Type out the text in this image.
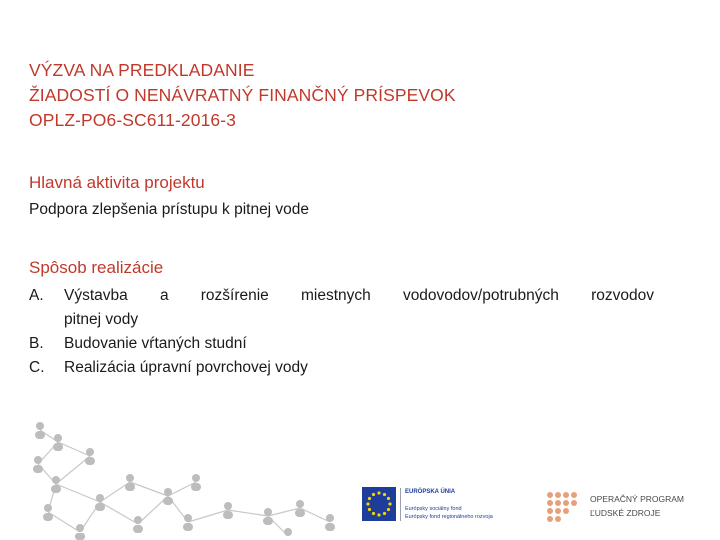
VÝZVA NA PREDKLADANIE
ŽIADOSTÍ O NENÁVRATNÝ FINANČNÝ PRÍSPEVOK
OPLZ-PO6-SC611-2016-3
Hlavná aktivita projektu
Podpora zlepšenia prístupu k pitnej vode
Spôsob realizácie
A. Výstavba a rozšírenie miestnych vodovodov/potrubných rozvodov
pitnej vody
B. Budovanie vŕtaných studní
C. Realizácia úpravní povrchovej vody
EURÓPSKA ÚNIA
Európsky sociálny fond
Európsky fond regionálneho rozvoja
OPERAČNÝ PROGRAM
ĽUDSKÉ ZDROJE
